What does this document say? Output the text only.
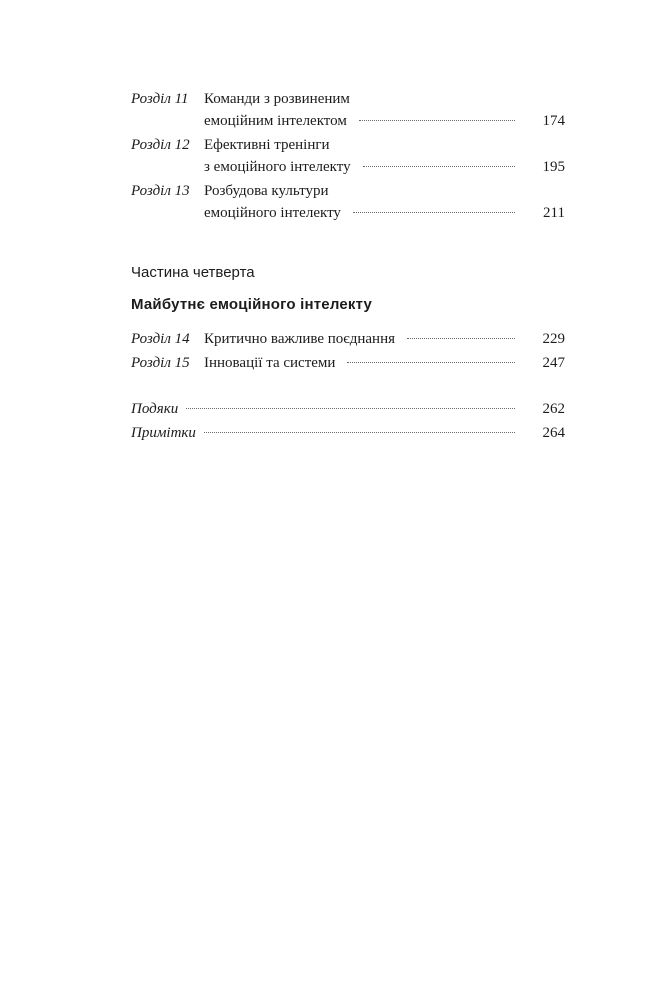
Розділ 11	Команди з розвиненим
емоційним інтелектом	174
Розділ 12 Ефективні тренінги
з емоційного інтелекту	195
Розділ 13 Розбудова культури
емоційного інтелекту	211
Частина четверта
Майбутнє емоційного інтелекту
Розділ 14 Критично важливе поєднання	229
Розділ 15 Інновації та системи	247
Подяки	262
Примітки	264
